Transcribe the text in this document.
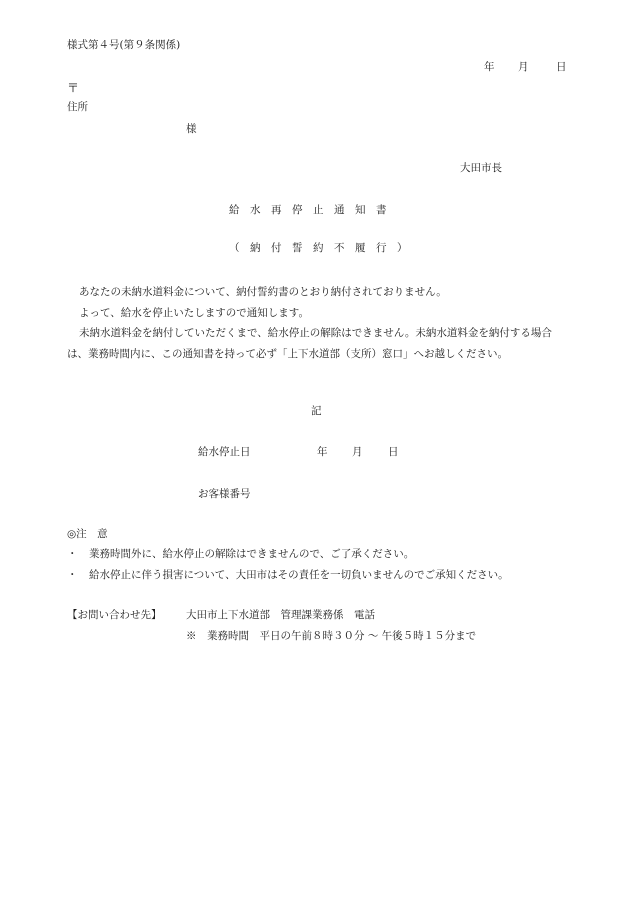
様式第４号(第９条関係)
年 月	日
〒
住所
様
大田市長
給　水　再　停　止　通　知　書
（　納　付　誓　約　不　履　行　）
あなたの未納水道料金について、納付誓約書のとおり納付されておりません。
よって、給水を停止いたしますので通知します。
未納水道料金を納付していただくまで、給水停止の解除はできません。未納水道料金を納付する場合は、業務時間内に、この通知書を持って必ず「上下水道部（支所）窓口」へお越しください。
記
給水停止日	年 月 日
お客様番号
◎注　意
・ 業務時間外に、給水停止の解除はできませんので、ご了承ください。
・ 給水停止に伴う損害について、大田市はその責任を一切負いませんのでご承知ください。
【お問い合わせ先】 大田市上下水道部　管理課業務係　電話
※　業務時間　平日の午前８時３０分 〜 午後５時１５分まで
